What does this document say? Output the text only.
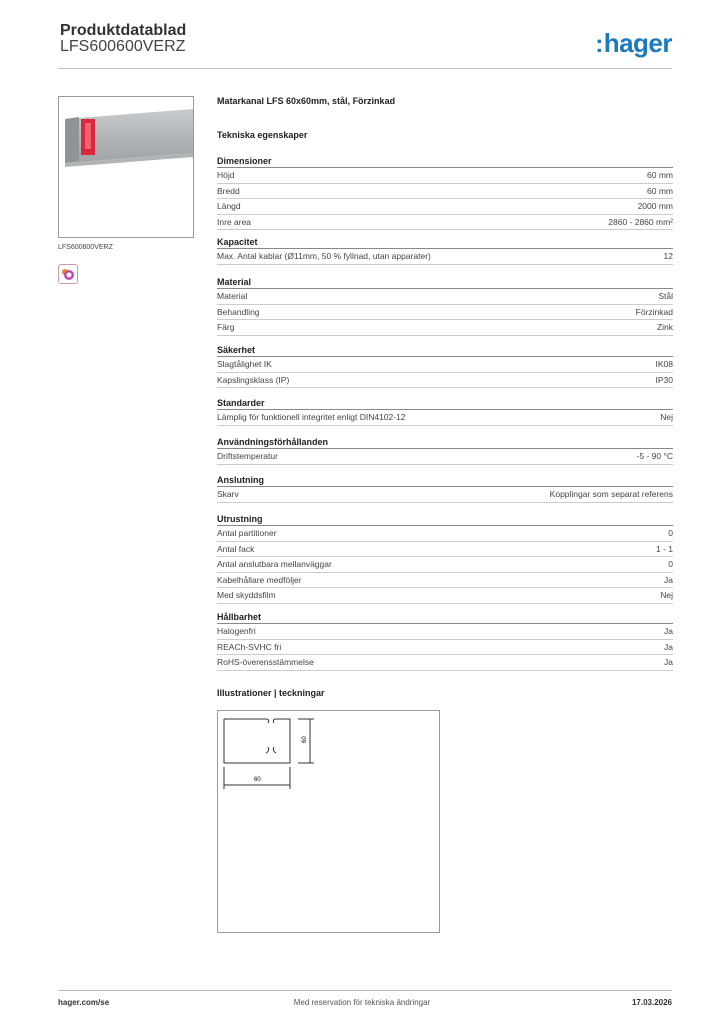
Produktdatablad
LFS600600VERZ	:hager
LFS600600VERZ
Matarkanal LFS 60x60mm, stål, Förzinkad
Tekniska egenskaper
Dimensioner
Höjd	60 mm
Bredd	60 mm
Längd	2000 mm
Inre area	2860 - 2860 mm²
Kapacitet
Max. Antal kablar (Ø11mm, 50 % fyllnad, utan apparater)	12
Material
Material	Stål
Behandling	Förzinkad
Färg	Zink
Säkerhet
Slagtålighet IK	IK08
Kapslingsklass (IP)	IP30
Standarder
Lämplig för funktionell integritet enligt DIN4102-12	Nej
Användningsförhållanden
Driftstemperatur	-5 - 90 °C
Anslutning
Skarv	Kopplingar som separat referens
Utrustning
Antal partitioner	0
Antal fack	1 - 1
Antal anslutbara mellanväggar	0
Kabelhållare medföljer	Ja
Med skyddsfilm	Nej
Hållbarhet
Halogenfri	Ja
REACh-SVHC fri	Ja
RoHS-överensstämmelse	Ja
Illustrationer | teckningar
60
60
hager.com/se	Med reservation för tekniska ändringar	17.03.2026
